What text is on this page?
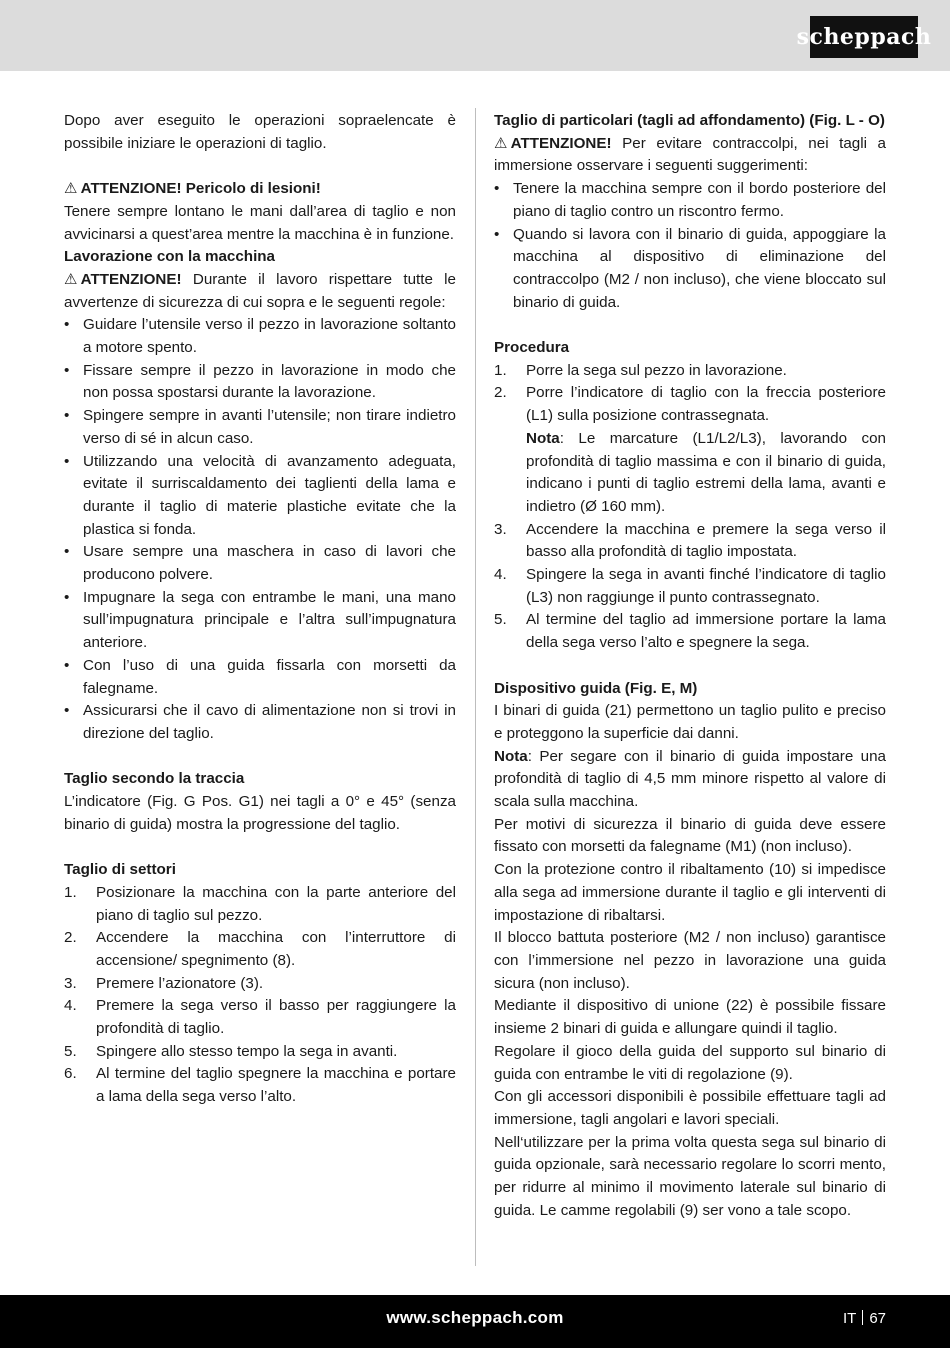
scheppach

Dopo aver eseguito le operazioni sopraelencate è possibile iniziare le operazioni di taglio.

⚠ ATTENZIONE! Pericolo di lesioni!

Tenere sempre lontano le mani dall’area di taglio e non avvicinarsi a quest’area mentre la macchina è in funzione.

Lavorazione con la macchina

⚠ ATTENZIONE! Durante il lavoro rispettare tutte le avvertenze di sicurezza di cui sopra e le seguenti regole:

• Guidare l’utensile verso il pezzo in lavorazione soltanto a motore spento.
• Fissare sempre il pezzo in lavorazione in modo che non possa spostarsi durante la lavorazione.
• Spingere sempre in avanti l’utensile; non tirare indietro verso di sé in alcun caso.
• Utilizzando una velocità di avanzamento adeguata, evitate il surriscaldamento dei taglienti della lama e durante il taglio di materie plastiche evitate che la plastica si fonda.
• Usare sempre una maschera in caso di lavori che producono polvere.
• Impugnare la sega con entrambe le mani, una mano sull’impugnatura principale e l’altra sull’impugnatura anteriore.
• Con l’uso di una guida fissarla con morsetti da falegname.
• Assicurarsi che il cavo di alimentazione non si trovi in direzione del taglio.

Taglio secondo la traccia

L’indicatore (Fig. G Pos. G1) nei tagli a 0° e 45° (senza binario di guida) mostra la progressione del taglio.

Taglio di settori

1. Posizionare la macchina con la parte anteriore del piano di taglio sul pezzo.
2. Accendere la macchina con l’interruttore di accensione/ spegnimento (8).
3. Premere l’azionatore (3).
4. Premere la sega verso il basso per raggiungere la profondità di taglio.
5. Spingere allo stesso tempo la sega in avanti.
6. Al termine del taglio spegnere la macchina e portare a lama della sega verso l’alto.

Taglio di particolari (tagli ad affondamento) (Fig. L - O)

⚠ ATTENZIONE! Per evitare contraccolpi, nei tagli a immersione osservare i seguenti suggerimenti:

• Tenere la macchina sempre con il bordo posteriore del piano di taglio contro un riscontro fermo.
• Quando si lavora con il binario di guida, appoggiare la macchina al dispositivo di eliminazione del contraccolpo (M2 / non incluso), che viene bloccato sul binario di guida.

Procedura

1. Porre la sega sul pezzo in lavorazione.
2. Porre l’indicatore di taglio con la freccia posteriore (L1) sulla posizione contrassegnata.
Nota: Le marcature (L1/L2/L3), lavorando con profondità di taglio massima e con il binario di guida, indicano i punti di taglio estremi della lama, avanti e indietro (Ø 160 mm).
3. Accendere la macchina e premere la sega verso il basso alla profondità di taglio impostata.
4. Spingere la sega in avanti finché l’indicatore di taglio (L3) non raggiunge il punto contrassegnato.
5. Al termine del taglio ad immersione portare la lama della sega verso l’alto e spegnere la sega.

Dispositivo guida (Fig. E, M)

I binari di guida (21) permettono un taglio pulito e preciso e proteggono la superficie dai danni.

Nota: Per segare con il binario di guida impostare una profondità di taglio di 4,5 mm minore rispetto al valore di scala sulla macchina.

Per motivi di sicurezza il binario di guida deve essere fissato con morsetti da falegname (M1) (non incluso).

Con la protezione contro il ribaltamento (10) si impedisce alla sega ad immersione durante il taglio e gli interventi di impostazione di ribaltarsi.

Il blocco battuta posteriore (M2 / non incluso) garantisce con l’immersione nel pezzo in lavorazione una guida sicura (non incluso).

Mediante il dispositivo di unione (22) è possibile fissare insieme 2 binari di guida e allungare quindi il taglio.

Regolare il gioco della guida del supporto sul binario di guida con entrambe le viti di regolazione (9).

Con gli accessori disponibili è possibile effettuare tagli ad immersione, tagli angolari e lavori speciali.

Nell‘utilizzare per la prima volta questa sega sul binario di guida opzionale, sarà necessario regolare lo scorri mento, per ridurre al minimo il movimento laterale sul binario di guida. Le camme regolabili (9) ser vono a tale scopo.

www.scheppach.com	IT 67
